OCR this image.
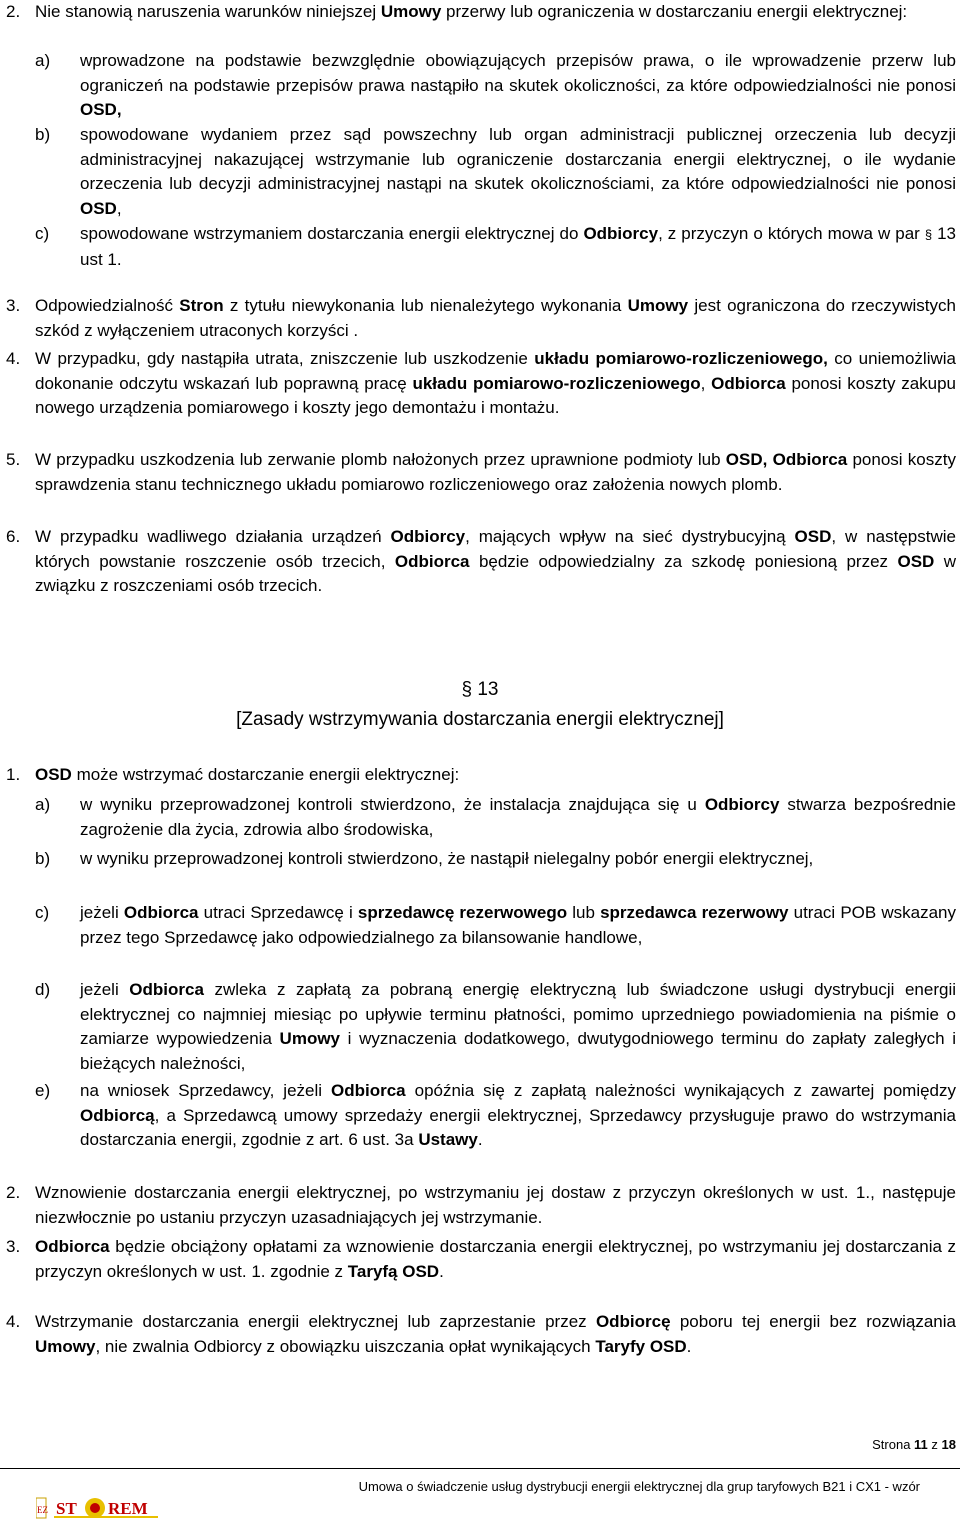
2. Nie stanowią naruszenia warunków niniejszej Umowy przerwy lub ograniczenia w dostarczaniu energii elektrycznej:
a) wprowadzone na podstawie bezwzględnie obowiązujących przepisów prawa, o ile wprowadzenie przerw lub ograniczeń na podstawie przepisów prawa nastąpiło na skutek okoliczności, za które odpowiedzialności nie ponosi OSD,
b) spowodowane wydaniem przez sąd powszechny lub organ administracji publicznej orzeczenia lub decyzji administracyjnej nakazującej wstrzymanie lub ograniczenie dostarczania energii elektrycznej, o ile wydanie orzeczenia lub decyzji administracyjnej nastąpi na skutek okolicznościami, za które odpowiedzialności nie ponosi OSD,
c) spowodowane wstrzymaniem dostarczania energii elektrycznej do Odbiorcy, z przyczyn o których mowa w par § 13 ust 1.
3. Odpowiedzialność Stron z tytułu niewykonania lub nienależytego wykonania Umowy jest ograniczona do rzeczywistych szkód z wyłączeniem utraconych korzyści .
4. W przypadku, gdy nastąpiła utrata, zniszczenie lub uszkodzenie układu pomiarowo-rozliczeniowego, co uniemożliwia dokonanie odczytu wskazań lub poprawną pracę układu pomiarowo-rozliczeniowego, Odbiorca ponosi koszty zakupu nowego urządzenia pomiarowego i koszty jego demontażu i montażu.
5. W przypadku uszkodzenia lub zerwanie plomb nałożonych przez uprawnione podmioty lub OSD, Odbiorca ponosi koszty sprawdzenia stanu technicznego układu pomiarowo rozliczeniowego oraz założenia nowych plomb.
6. W przypadku wadliwego działania urządzeń Odbiorcy, mających wpływ na sieć dystrybucyjną OSD, w następstwie których powstanie roszczenie osób trzecich, Odbiorca będzie odpowiedzialny za szkodę poniesioną przez OSD w związku z roszczeniami osób trzecich.
§ 13
[Zasady wstrzymywania dostarczania energii elektrycznej]
1. OSD może wstrzymać dostarczanie energii elektrycznej:
a) w wyniku przeprowadzonej kontroli stwierdzono, że instalacja znajdująca się u Odbiorcy stwarza bezpośrednie zagrożenie dla życia, zdrowia albo środowiska,
b) w wyniku przeprowadzonej kontroli stwierdzono, że nastąpił nielegalny pobór energii elektrycznej,
c) jeżeli Odbiorca utraci Sprzedawcę i sprzedawcę rezerwowego lub sprzedawca rezerwowy utraci POB wskazany przez tego Sprzedawcę jako odpowiedzialnego za bilansowanie handlowe,
d) jeżeli Odbiorca zwleka z zapłatą za pobraną energię elektryczną lub świadczone usługi dystrybucji energii elektrycznej co najmniej miesiąc po upływie terminu płatności, pomimo uprzedniego powiadomienia na piśmie o zamiarze wypowiedzenia Umowy i wyznaczenia dodatkowego, dwutygodniowego terminu do zapłaty zaległych i bieżących należności,
e) na wniosek Sprzedawcy, jeżeli Odbiorca opóźnia się z zapłatą należności wynikających z zawartej pomiędzy Odbiorcą, a Sprzedawcą umowy sprzedaży energii elektrycznej, Sprzedawcy przysługuje prawo do wstrzymania dostarczania energii, zgodnie z art. 6 ust. 3a Ustawy.
2. Wznowienie dostarczania energii elektrycznej, po wstrzymaniu jej dostaw z przyczyn określonych w ust. 1., następuje niezwłocznie po ustaniu przyczyn uzasadniających jej wstrzymanie.
3. Odbiorca będzie obciążony opłatami za wznowienie dostarczania energii elektrycznej, po wstrzymaniu jej dostarczania z przyczyn określonych w ust. 1. zgodnie z Taryfą OSD.
4. Wstrzymanie dostarczania energii elektrycznej lub zaprzestanie przez Odbiorcę poboru tej energii bez rozwiązania Umowy, nie zwalnia Odbiorcy z obowiązku uiszczania opłat wynikających Taryfy OSD.
Strona 11 z 18
Umowa o świadczenie usług dystrybucji energii elektrycznej dla grup taryfowych B21 i CX1 - wzór
EZ ST REM
